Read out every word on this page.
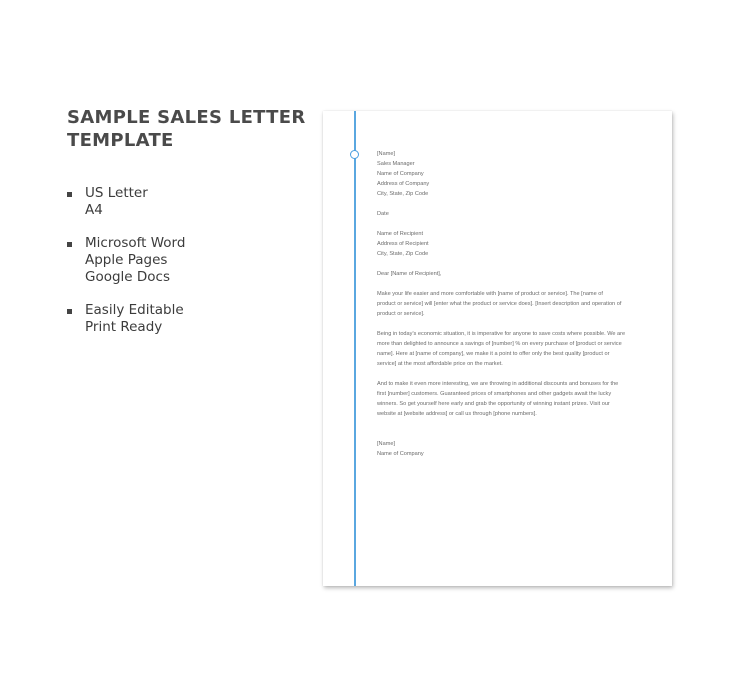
SAMPLE SALES LETTER
TEMPLATE
US Letter
A4
Microsoft Word
Apple Pages
Google Docs
Easily Editable
Print Ready
[Name]
Sales Manager
Name of Company
Address of Company
City, State, Zip Code
Date
Name of Recipient
Address of Recipient
City, State, Zip Code
Dear [Name of Recipient],
Make your life easier and more comfortable with [name of product or service]. The [name of
product or service] will [enter what the product or service does]. [Insert description and operation of
product or service].
Being in today's economic situation, it is imperative for anyone to save costs where possible. We are
more than delighted to announce a savings of [number] % on every purchase of [product or service
name]. Here at [name of company], we make it a point to offer only the best quality [product or
service] at the most affordable price on the market.
And to make it even more interesting, we are throwing in additional discounts and bonuses for the
first [number] customers. Guaranteed prices of smartphones and other gadgets await the lucky
winners. So get yourself here early and grab the opportunity of winning instant prizes. Visit our
website at [website address] or call us through [phone numbers].
[Name]
Name of Company
